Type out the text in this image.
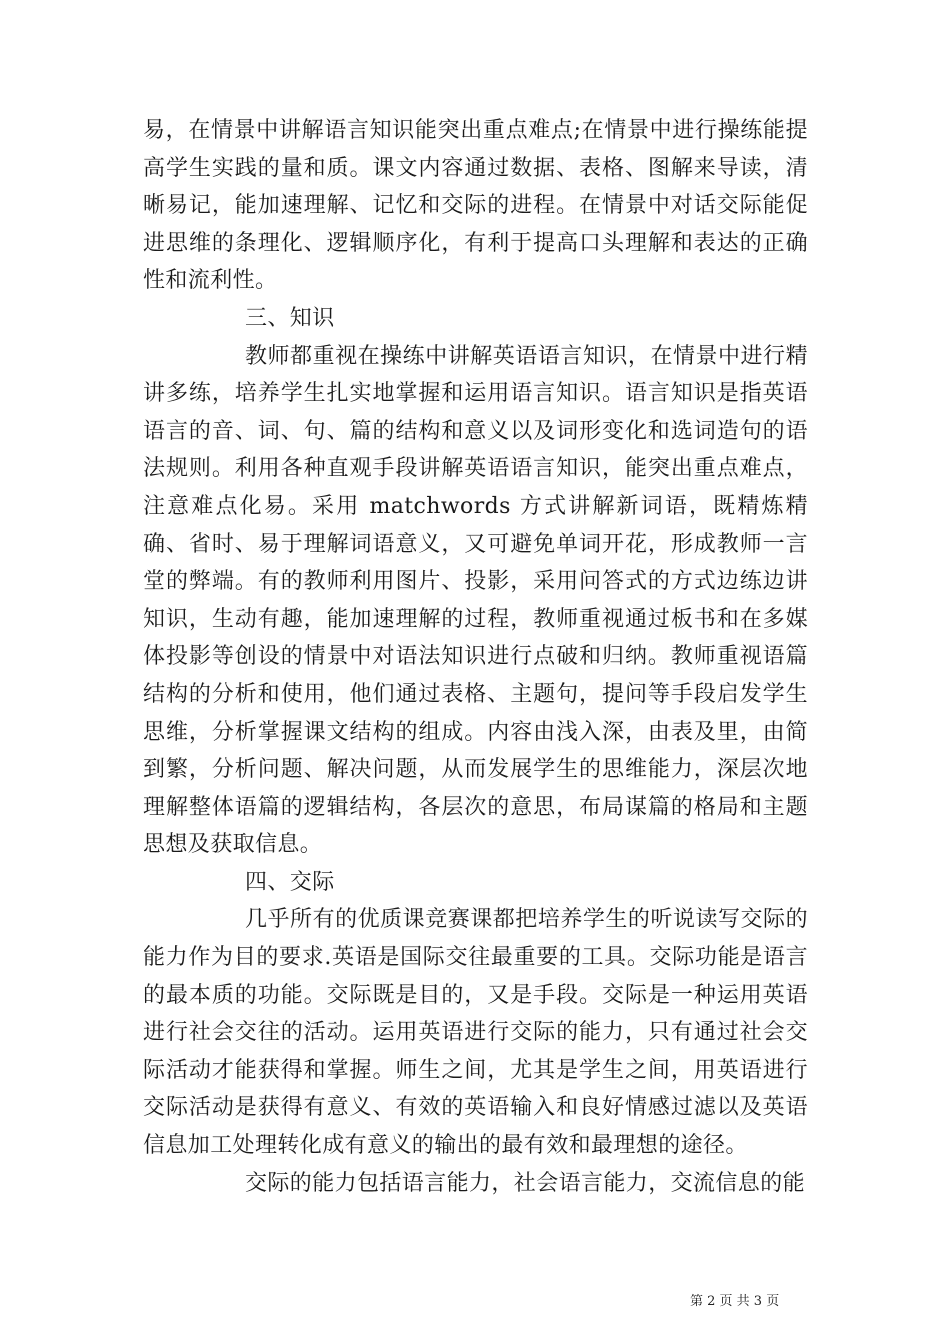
易，在情景中讲解语言知识能突出重点难点;在情景中进行操练能提高学生实践的量和质。课文内容通过数据、表格、图解来导读，清晰易记，能加速理解、记忆和交际的进程。在情景中对话交际能促进思维的条理化、逻辑顺序化，有利于提高口头理解和表达的正确性和流利性。

三、知识

教师都重视在操练中讲解英语语言知识，在情景中进行精讲多练，培养学生扎实地掌握和运用语言知识。语言知识是指英语语言的音、词、句、篇的结构和意义以及词形变化和选词造句的语法规则。利用各种直观手段讲解英语语言知识，能突出重点难点，注意难点化易。采用 matchwords 方式讲解新词语，既精炼精确、省时、易于理解词语意义，又可避免单词开花，形成教师一言堂的弊端。有的教师利用图片、投影，采用问答式的方式边练边讲知识，生动有趣，能加速理解的过程，教师重视通过板书和在多媒体投影等创设的情景中对语法知识进行点破和归纳。教师重视语篇结构的分析和使用，他们通过表格、主题句，提问等手段启发学生思维，分析掌握课文结构的组成。内容由浅入深，由表及里，由简到繁，分析问题、解决问题，从而发展学生的思维能力，深层次地理解整体语篇的逻辑结构，各层次的意思，布局谋篇的格局和主题思想及获取信息。

四、交际

几乎所有的优质课竞赛课都把培养学生的听说读写交际的能力作为目的要求.英语是国际交往最重要的工具。交际功能是语言的最本质的功能。交际既是目的，又是手段。交际是一种运用英语进行社会交往的活动。运用英语进行交际的能力，只有通过社会交际活动才能获得和掌握。师生之间，尤其是学生之间，用英语进行交际活动是获得有意义、有效的英语输入和良好情感过滤以及英语信息加工处理转化成有意义的输出的最有效和最理想的途径。

交际的能力包括语言能力，社会语言能力，交流信息的能

第 2 页 共 3 页
